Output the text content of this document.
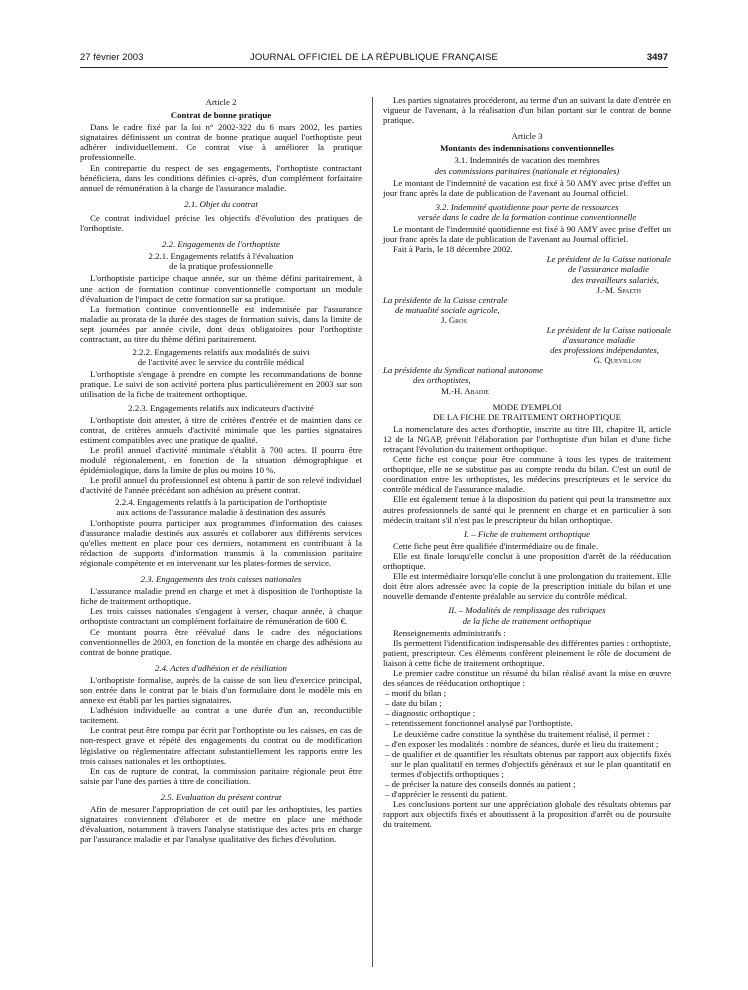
27 février 2003	JOURNAL OFFICIEL DE LA RÉPUBLIQUE FRANÇAISE	3497

Article 2

Contrat de bonne pratique

Dans le cadre fixé par la loi n° 2002-322 du 6 mars 2002, les parties signataires définissent un contrat de bonne pratique auquel l'orthoptiste peut adhérer individuellement. Ce contrat vise à améliorer la pratique professionnelle.

En contrepartie du respect de ses engagements, l'orthoptiste contractant bénéficiera, dans les conditions définies ci-après, d'un complément forfaitaire annuel de rémunération à la charge de l'assurance maladie.

2.1. Objet du contrat

Ce contrat individuel précise les objectifs d'évolution des pratiques de l'orthoptiste.

2.2. Engagements de l'orthoptiste

2.2.1. Engagements relatifs à l'évaluation

de la pratique professionnelle

L'orthoptiste participe chaque année, sur un thème défini paritairement, à une action de formation continue conventionnelle comportant un module d'évaluation de l'impact de cette formation sur sa pratique.

La formation continue conventionnelle est indemnisée par l'assurance maladie au prorata de la durée des stages de formation suivis, dans la limite de sept journées par année civile, dont deux obligatoires pour l'orthoptiste contractant, au titre du thème défini paritairement.

2.2.2. Engagements relatifs aux modalités de suivi

de l'activité avec le service du contrôle médical

L'orthoptiste s'engage à prendre en compte les recommandations de bonne pratique. Le suivi de son activité portera plus particulièrement en 2003 sur son utilisation de la fiche de traitement orthoptique.

2.2.3. Engagements relatifs aux indicateurs d'activité

L'orthoptiste doit attester, à titre de critères d'entrée et de maintien dans ce contrat, de critères annuels d'activité minimale que les parties signataires estiment compatibles avec une pratique de qualité.

Le profil annuel d'activité minimale s'établit à 700 actes. Il pourra être modulé régionalement, en fonction de la situation démographique et épidémiologique, dans la limite de plus ou moins 10 %.

Le profil annuel du professionnel est obtenu à partir de son relevé individuel d'activité de l'année précédant son adhésion au présent contrat.

2.2.4. Engagements relatifs à la participation de l'orthoptiste

aux actions de l'assurance maladie à destination des assurés

L'orthoptiste pourra participer aux programmes d'information des caisses d'assurance maladie destinés aux assurés et collaborer aux différents services qu'elles mettent en place pour ces derniers, notamment en contribuant à la rédaction de supports d'information transmis à la commission paritaire régionale compétente et en intervenant sur les plates-formes de service.

2.3. Engagements des trois caisses nationales

L'assurance maladie prend en charge et met à disposition de l'orthoptiste la fiche de traitement orthoptique.

Les trois caisses nationales s'engagent à verser, chaque année, à chaque orthoptiste contractant un complément forfaitaire de rémunération de 600 €.

Ce montant pourra être réévalué dans le cadre des négociations conventionnelles de 2003, en fonction de la montée en charge des adhésions au contrat de bonne pratique.

2.4. Actes d'adhésion et de résiliation

L'orthoptiste formalise, auprès de la caisse de son lieu d'exercice principal, son entrée dans le contrat par le biais d'un formulaire dont le modèle mis en annexe est établi par les parties signataires.

L'adhésion individuelle au contrat a une durée d'un an, reconductible tacitement.

Le contrat peut être rompu par écrit par l'orthoptiste ou les caisses, en cas de non-respect grave et répété des engagements du contrat ou de modification législative ou réglementaire affectant substantiellement les rapports entre les trois caisses nationales et les orthoptistes.

En cas de rupture de contrat, la commission paritaire régionale peut être saisie par l'une des parties à titre de conciliation.

2.5. Evaluation du présent contrat

Afin de mesurer l'appropriation de cet outil par les orthoptistes, les parties signataires conviennent d'élaborer et de mettre en place une méthode d'évaluation, notamment à travers l'analyse statistique des actes pris en charge par l'assurance maladie et par l'analyse qualitative des fiches d'évolution.

Les parties signataires procéderont, au terme d'un an suivant la date d'entrée en vigueur de l'avenant, à la réalisation d'un bilan portant sur le contrat de bonne pratique.

Article 3

Montants des indemnisations conventionnelles

3.1. Indemnités de vacation des membres

des commissions paritaires (nationale et régionales)

Le montant de l'indemnité de vacation est fixé à 50 AMY avec prise d'effet un jour franc après la date de publication de l'avenant au Journal officiel.

3.2. Indemnité quotidienne pour perte de ressources

versée dans le cadre de la formation continue conventionnelle

Le montant de l'indemnité quotidienne est fixé à 90 AMY avec prise d'effet un jour franc après la date de publication de l'avenant au Journal officiel.

Fait à Paris, le 18 décembre 2002.

Le président de la Caisse nationale

de l'assurance maladie

des travailleurs salariés,

J.-M. Spaeth

La présidente de la Caisse centrale

de mutualité sociale agricole,

J. Gros

Le président de la Caisse nationale

d'assurance maladie

des professions indépendantes,

G. Quevillon

La présidente du Syndicat national autonome

des orthoptistes,

M.-H. Abadie

MODE D'EMPLOI

DE LA FICHE DE TRAITEMENT ORTHOPTIQUE

La nomenclature des actes d'orthoptie, inscrite au titre III, chapitre II, article 12 de la NGAP, prévoit l'élaboration par l'orthoptiste d'un bilan et d'une fiche retraçant l'évolution du traitement orthoptique.

Cette fiche est conçue pour être commune à tous les types de traitement orthoptique, elle ne se substitue pas au compte rendu du bilan. C'est un outil de coordination entre les orthoptistes, les médecins prescripteurs et le service du contrôle médical de l'assurance maladie.

Elle est également tenue à la disposition du patient qui peut la transmettre aux autres professionnels de santé qui le prennent en charge et en particulier à son médecin traitant s'il n'est pas le prescripteur du bilan orthoptique.

I. – Fiche de traitement orthoptique

Cette fiche peut être qualifiée d'intermédiaire ou de finale.

Elle est finale lorsqu'elle conclut à une proposition d'arrêt de la rééducation orthoptique.

Elle est intermédiaire lorsqu'elle conclut à une prolongation du traitement. Elle doit être alors adressée avec la copie de la prescription initiale du bilan et une nouvelle demande d'entente préalable au service du contrôle médical.

II. – Modalités de remplissage des rubriques

de la fiche de traitement orthoptique

Renseignements administratifs :

Ils permettent l'identification indispensable des différentes parties : orthoptiste, patient, prescripteur. Ces éléments confèrent pleinement le rôle de document de liaison à cette fiche de traitement orthoptique.

Le premier cadre constitue un résumé du bilan réalisé avant la mise en œuvre des séances de rééducation orthoptique :

– motif du bilan ;

– date du bilan ;

– diagnostic orthoptique ;

– retentissement fonctionnel analysé par l'orthoptiste.

Le deuxième cadre constitue la synthèse du traitement réalisé, il permet :

– d'en exposer les modalités : nombre de séances, durée et lieu du traitement ;

– de qualifier et de quantifier les résultats obtenus par rapport aux objectifs fixés sur le plan qualitatif en termes d'objectifs généraux et sur le plan quantitatif en termes d'objectifs orthoptiques ;

– de préciser la nature des conseils donnés au patient ;

– d'apprécier le ressenti du patient.

Les conclusions portent sur une appréciation globale des résultats obtenus par rapport aux objectifs fixés et aboutissent à la proposition d'arrêt ou de poursuite du traitement.
